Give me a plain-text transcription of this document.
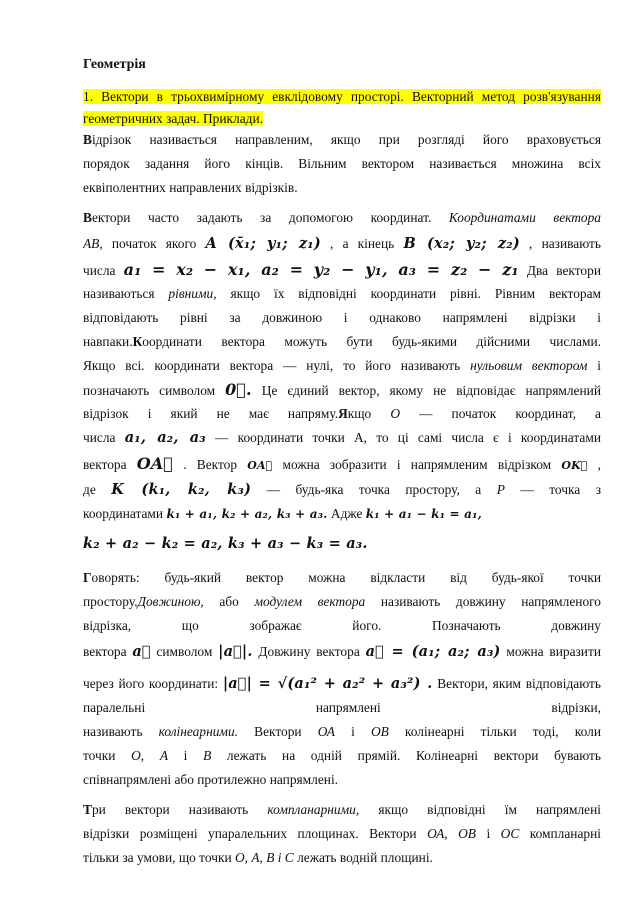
Геометрія
1. Вектори в трьохвимірному евклідовому просторі. Векторний метод розв'язування геометричних задач. Приклади.
Відрізок називається направленим, якщо при розгляді його враховується
порядок задання його кінців. Вільним вектором називається множина всіх
еквіполентних направлених відрізків.
Вектори часто задають за допомогою координат. Координатами вектора
АВ, початок якого A (x̄₁; y₁; z₁) , а кінець B (x₂; y₂; z₂) , називають
числа a₁ = x₂ − x₁, a₂ = y₂ − y₁, a₃ = z₂ − z₁ Два вектори
називаються рівними, якщо їх відповідні координати рівні. Рівним векторам
відповідають рівні за довжиною і однаково напрямлені відрізки і
навпаки.Координати вектора можуть бути будь-якими дійсними числами.
Якщо всі. координати вектора — нулі, то його називають нульовим вектором і
позначають символом 0⃗. Це єдиний вектор, якому не відповідає напрямлений
відрізок і який не має напряму.Якщо О — початок координат, а
числа a₁, a₂, a₃ — координати точки А, то ці самі числа є і координатами
вектора OA⃗ . Вектор OA⃗ можна зобразити і напрямленим відрізком OK⃗ ,
де K (k₁, k₂, k₃) — будь-яка точка простору, а Р — точка з
координатами k₁ + a₁, k₂ + a₂, k₃ + a₃. Адже k₁ + a₁ − k₁ = a₁,
k₂ + a₂ − k₂ = a₂, k₃ + a₃ − k₃ = a₃.
Говорять: будь-який вектор можна відкласти від будь-якої точки
простору.Довжиною, або модулем вектора називають довжину напрямленого
відрізка, що зображає його. Позначають довжину
вектора a⃗ символом |a⃗|. Довжину вектора a⃗ = (a₁; a₂; a₃) можна виразити
через його координати: |a⃗| = √(a₁² + a₂² + a₃²) . Вектори, яким відповідають
паралельні напрямлені відрізки,
називають колінеарними. Вектори ОА і ОВ колінеарні тільки тоді, коли
точки О, А і В лежать на одній прямій. Колінеарні вектори бувають
співнапрямлені або протилежно напрямлені.
Три вектори називають компланарними, якщо відповідні їм напрямлені
відрізки розміщені упаралельних площинах. Вектори ОА, ОВ і ОС компланарні
тільки за умови, що точки О, А, В і С лежать водній площині.
